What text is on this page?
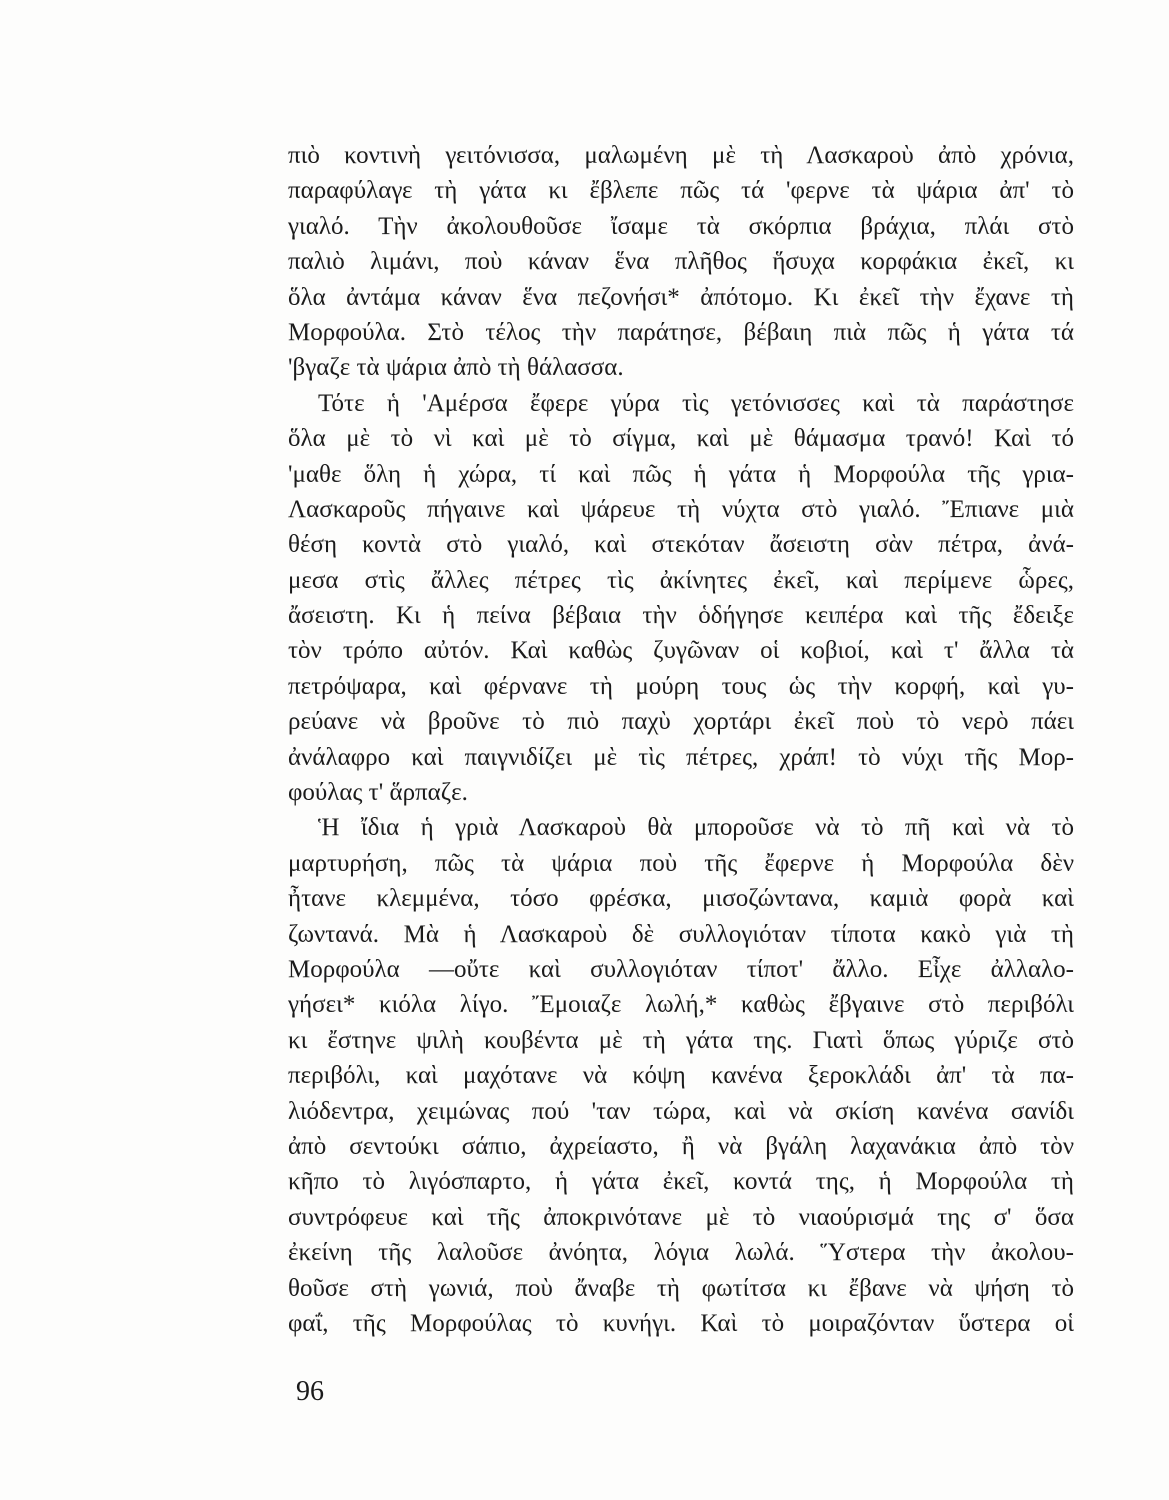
πιὸ κοντινὴ γειτόνισσα, μαλωμένη μὲ τὴ Λασκαροὺ ἀπὸ χρόνια,
παραφύλαγε τὴ γάτα κι ἔβλεπε πῶς τά 'φερνε τὰ ψάρια ἀπ' τὸ
γιαλό. Τὴν ἀκολουθοῦσε ἴσαμε τὰ σκόρπια βράχια, πλάι στὸ
παλιὸ λιμάνι, ποὺ κάναν ἕνα πλῆθος ἥσυχα κορφάκια ἐκεῖ, κι
ὅλα ἀντάμα κάναν ἕνα πεζονήσι* ἀπότομο. Κι ἐκεῖ τὴν ἔχανε τὴ
Μορφούλα. Στὸ τέλος τὴν παράτησε, βέβαιη πιὰ πῶς ἡ γάτα τά
'βγαζε τὰ ψάρια ἀπὸ τὴ θάλασσα.
Τότε ἡ 'Αμέρσα ἔφερε γύρα τὶς γετόνισσες καὶ τὰ παράστησε
ὅλα μὲ τὸ νὶ καὶ μὲ τὸ σίγμα, καὶ μὲ θάμασμα τρανό! Καὶ τό
'μαθε ὅλη ἡ χώρα, τί καὶ πῶς ἡ γάτα ἡ Μορφούλα τῆς γρια-
Λασκαροῦς πήγαινε καὶ ψάρευε τὴ νύχτα στὸ γιαλό. Ἔπιανε μιὰ
θέση κοντὰ στὸ γιαλό, καὶ στεκόταν ἄσειστη σὰν πέτρα, ἀνά-
μεσα στὶς ἄλλες πέτρες τὶς ἀκίνητες ἐκεῖ, καὶ περίμενε ὧρες,
ἄσειστη. Κι ἡ πείνα βέβαια τὴν ὁδήγησε κειπέρα καὶ τῆς ἔδειξε
τὸν τρόπο αὐτόν. Καὶ καθὼς ζυγῶναν οἱ κοβιοί, καὶ τ' ἄλλα τὰ
πετρόψαρα, καὶ φέρνανε τὴ μούρη τους ὡς τὴν κορφή, καὶ γυ-
ρεύανε νὰ βροῦνε τὸ πιὸ παχὺ χορτάρι ἐκεῖ ποὺ τὸ νερὸ πάει
ἀνάλαφρο καὶ παιγνιδίζει μὲ τὶς πέτρες, χράπ! τὸ νύχι τῆς Μορ-
φούλας τ' ἅρπαζε.
Ἡ ἴδια ἡ γριὰ Λασκαροὺ θὰ μποροῦσε νὰ τὸ πῆ καὶ νὰ τὸ
μαρτυρήση, πῶς τὰ ψάρια ποὺ τῆς ἔφερνε ἡ Μορφούλα δὲν
ἦτανε κλεμμένα, τόσο φρέσκα, μισοζώντανα, καμιὰ φορὰ καὶ
ζωντανά. Μὰ ἡ Λασκαροὺ δὲ συλλογιόταν τίποτα κακὸ γιὰ τὴ
Μορφούλα —οὔτε καὶ συλλογιόταν τίποτ' ἄλλο. Εἶχε ἀλλαλο-
γήσει* κιόλα λίγο. Ἔμοιαζε λωλή,* καθὼς ἔβγαινε στὸ περιβόλι
κι ἔστηνε ψιλὴ κουβέντα μὲ τὴ γάτα της. Γιατὶ ὅπως γύριζε στὸ
περιβόλι, καὶ μαχότανε νὰ κόψη κανένα ξεροκλάδι ἀπ' τὰ πα-
λιόδεντρα, χειμώνας πού 'ταν τώρα, καὶ νὰ σκίση κανένα σανίδι
ἀπὸ σεντούκι σάπιο, ἀχρείαστο, ἢ νὰ βγάλη λαχανάκια ἀπὸ τὸν
κῆπο τὸ λιγόσπαρτο, ἡ γάτα ἐκεῖ, κοντά της, ἡ Μορφούλα τὴ
συντρόφευε καὶ τῆς ἀποκρινότανε μὲ τὸ νιαούρισμά της σ' ὅσα
ἐκείνη τῆς λαλοῦσε ἀνόητα, λόγια λωλά. Ὕστερα τὴν ἀκολου-
θοῦσε στὴ γωνιά, ποὺ ἄναβε τὴ φωτίτσα κι ἔβανε νὰ ψήση τὸ
φαΐ, τῆς Μορφούλας τὸ κυνήγι. Καὶ τὸ μοιραζόνταν ὕστερα οἱ
96
